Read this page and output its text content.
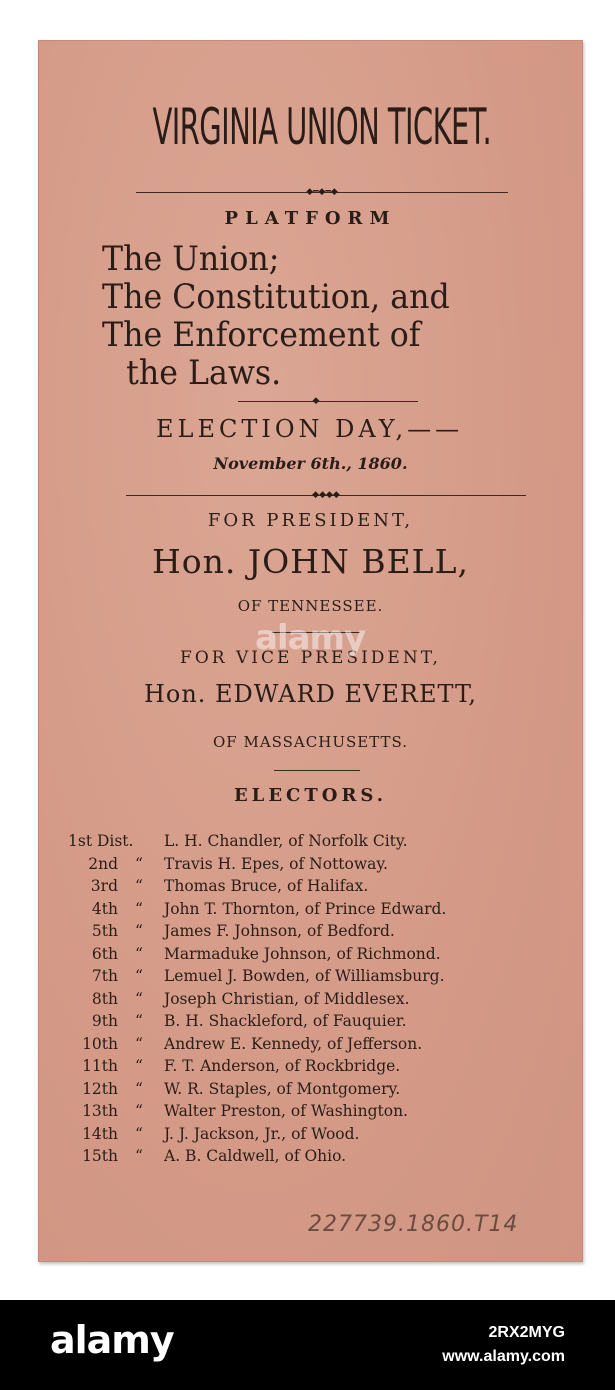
VIRGINIA UNION TICKET.
◆━◆━◆
PLATFORM
The Union;
The Constitution, and
The Enforcement of
the Laws.
◆
ELECTION DAY,——
November 6th., 1860.
◆◆◆◆
FOR PRESIDENT,
Hon. JOHN BELL,
OF TENNESSEE.
FOR VICE PRESIDENT,
Hon. EDWARD EVERETT,
OF MASSACHUSETTS.
ELECTORS.
1st Dist.	L. H. Chandler, of Norfolk City.
2nd	“	Travis H. Epes, of Nottoway.
3rd	“	Thomas Bruce, of Halifax.
4th	“	John T. Thornton, of Prince Edward.
5th	“	James F. Johnson, of Bedford.
6th	“	Marmaduke Johnson, of Richmond.
7th	“	Lemuel J. Bowden, of Williamsburg.
8th	“	Joseph Christian, of Middlesex.
9th	“	B. H. Shackleford, of Fauquier.
10th	“	Andrew E. Kennedy, of Jefferson.
11th	“	F. T. Anderson, of Rockbridge.
12th	“	W. R. Staples, of Montgomery.
13th	“	Walter Preston, of Washington.
14th	“	J. J. Jackson, Jr., of Wood.
15th	“	A. B. Caldwell, of Ohio.
227739.1860.T14
alamy
alamy	2RX2MYG
www.alamy.com
